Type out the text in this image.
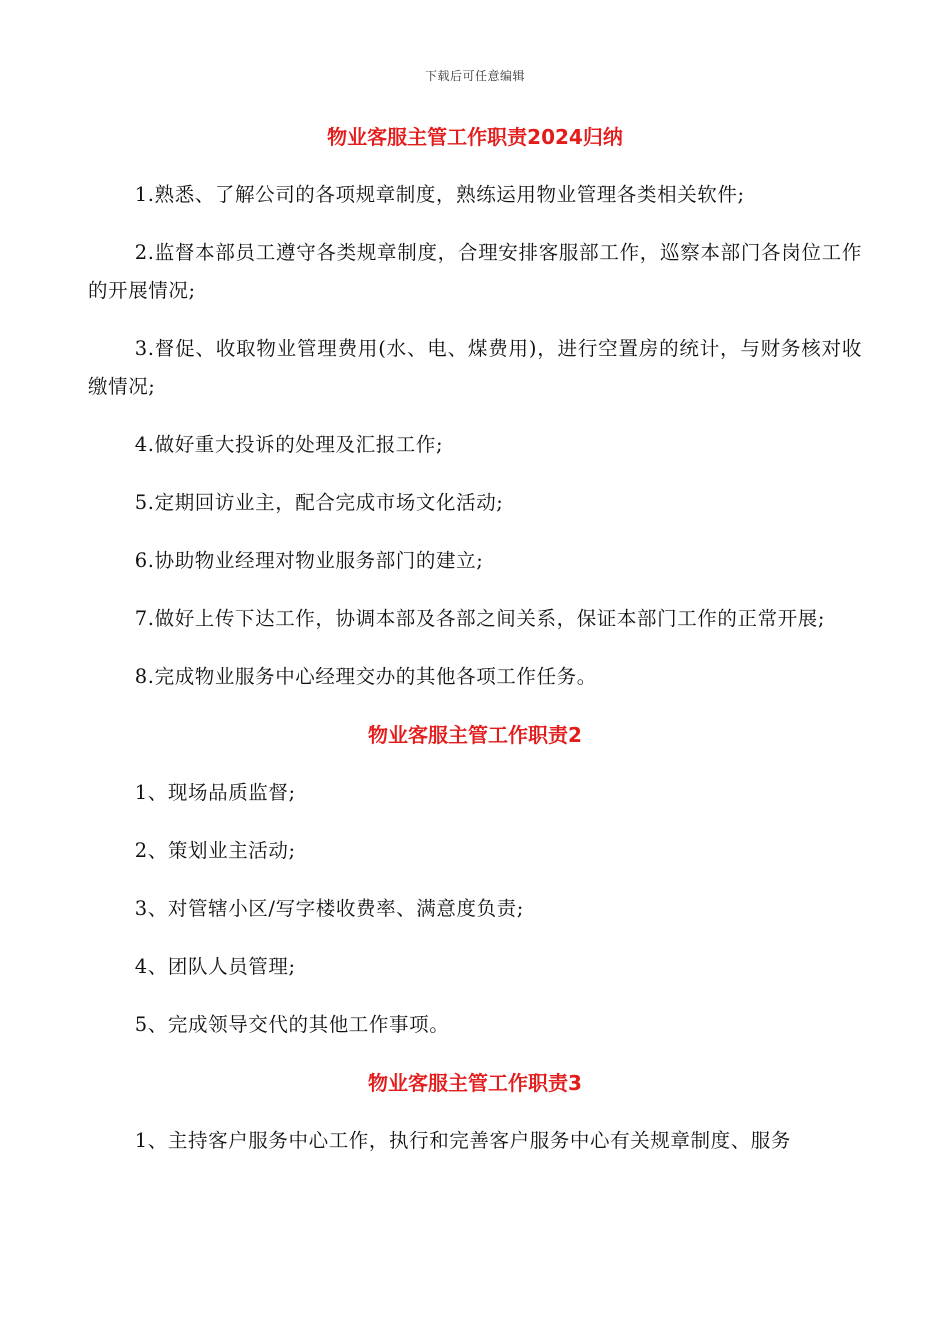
下载后可任意编辑
物业客服主管工作职责2024归纳

1.熟悉、了解公司的各项规章制度，熟练运用物业管理各类相关软件;

2.监督本部员工遵守各类规章制度，合理安排客服部工作，巡察本部门各岗位工作的开展情况;

3.督促、收取物业管理费用(水、电、煤费用)，进行空置房的统计，与财务核对收缴情况;

4.做好重大投诉的处理及汇报工作;

5.定期回访业主，配合完成市场文化活动;

6.协助物业经理对物业服务部门的建立;

7.做好上传下达工作，协调本部及各部之间关系，保证本部门工作的正常开展;

8.完成物业服务中心经理交办的其他各项工作任务。

物业客服主管工作职责2

1、现场品质监督;

2、策划业主活动;

3、对管辖小区/写字楼收费率、满意度负责;

4、团队人员管理;

5、完成领导交代的其他工作事项。

物业客服主管工作职责3

1、主持客户服务中心工作，执行和完善客户服务中心有关规章制度、服务
